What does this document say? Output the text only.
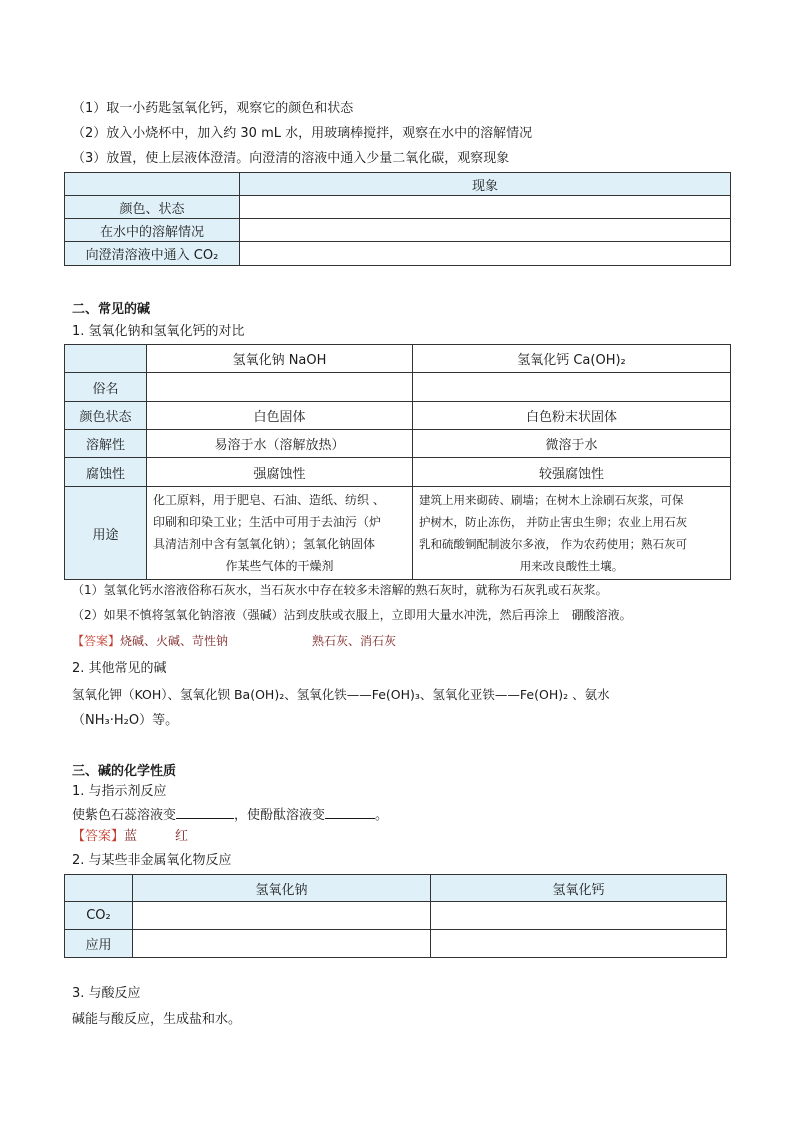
（1）取一小药匙氢氧化钙，观察它的颜色和状态
（2）放入小烧杯中，加入约 30 mL 水，用玻璃棒搅拌，观察在水中的溶解情况
（3）放置，使上层液体澄清。向澄清的溶液中通入少量二氧化碳，观察现象
	现象
颜色、状态	
在水中的溶解情况	
向澄清溶液中通入 CO₂	
二、常见的碱
1. 氢氧化钠和氢氧化钙的对比
	氢氧化钠 NaOH	氢氧化钙 Ca(OH)₂
俗名		
颜色状态	白色固体	白色粉末状固体
溶解性	易溶于水（溶解放热）	微溶于水
腐蚀性	强腐蚀性	较强腐蚀性
用途	化工原料，用于肥皂、石油、造纸、纺织 、
印刷和印染工业；生活中可用于去油污（炉
具清洁剂中含有氢氧化钠）；氢氧化钠固体
作某些气体的干燥剂	建筑上用来砌砖、刷墙；在树木上涂刷石灰浆，可保
护树木，防止冻伤， 并防止害虫生卵；农业上用石灰
乳和硫酸铜配制波尔多液， 作为农药使用；熟石灰可
用来改良酸性土壤。
（1）氢氧化钙水溶液俗称石灰水，当石灰水中存在较多未溶解的熟石灰时，就称为石灰乳或石灰浆。
（2）如果不慎将氢氧化钠溶液（强碱）沾到皮肤或衣服上，立即用大量水冲洗，然后再涂上　硼酸溶液。
【答案】烧碱、火碱、苛性钠	熟石灰、消石灰
2. 其他常见的碱
氢氧化钾（KOH）、氢氧化钡 Ba(OH)₂、氢氧化铁——Fe(OH)₃、氢氧化亚铁——Fe(OH)₂ 、氨水
（NH₃·H₂O）等。
三、碱的化学性质
1. 与指示剂反应
使紫色石蕊溶液变	，使酚酞溶液变	。
【答案】蓝	红
2. 与某些非金属氧化物反应
	氢氧化钠	氢氧化钙
CO₂		
应用		
3. 与酸反应
碱能与酸反应，生成盐和水。
